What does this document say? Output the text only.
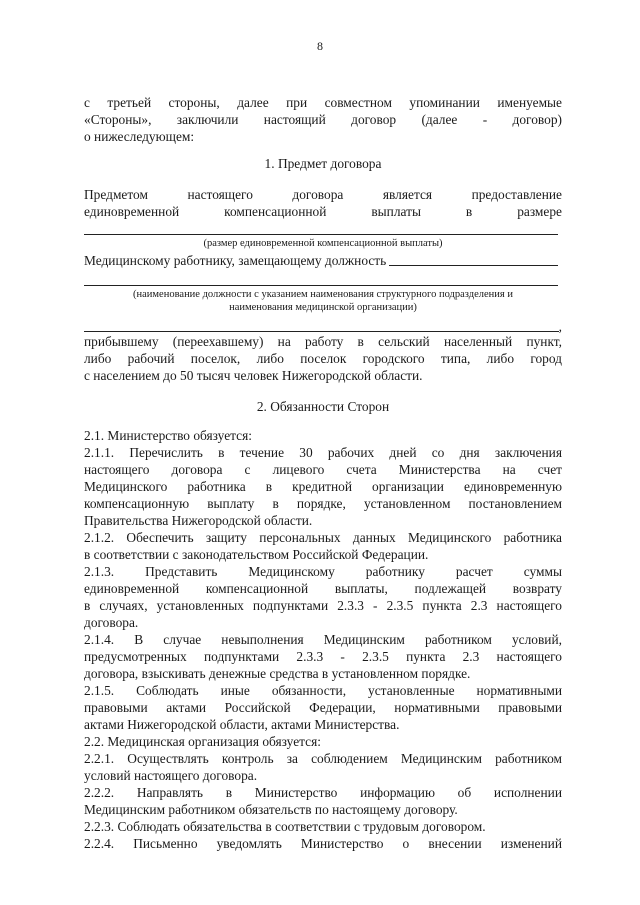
8

с третьей стороны, далее при совместном упоминании именуемые

«Стороны», заключили настоящий договор (далее - договор)

о нижеследующем:

1. Предмет договора

Предметом настоящего договора является предоставление

единовременной компенсационной выплаты в размере

(размер единовременной компенсационной выплаты)
Медицинскому работнику, замещающему должность

(наименование должности с указанием наименования структурного подразделения и

наименования медицинской организации)

,

прибывшему (переехавшему) на работу в сельский населенный пункт,

либо рабочий поселок, либо поселок городского типа, либо город

с населением до 50 тысяч человек Нижегородской области.

2. Обязанности Сторон

2.1. Министерство обязуется:

2.1.1. Перечислить в течение 30 рабочих дней со дня заключения

настоящего договора с лицевого счета Министерства на счет

Медицинского работника в кредитной организации единовременную

компенсационную выплату в порядке, установленном постановлением

Правительства Нижегородской области.

2.1.2. Обеспечить защиту персональных данных Медицинского работника

в соответствии с законодательством Российской Федерации.

2.1.3. Представить Медицинскому работнику расчет суммы

единовременной компенсационной выплаты, подлежащей возврату

в случаях, установленных подпунктами 2.3.3 - 2.3.5 пункта 2.3 настоящего

договора.

2.1.4. В случае невыполнения Медицинским работником условий,

предусмотренных подпунктами 2.3.3 - 2.3.5 пункта 2.3 настоящего

договора, взыскивать денежные средства в установленном порядке.

2.1.5. Соблюдать иные обязанности, установленные нормативными

правовыми актами Российской Федерации, нормативными правовыми

актами Нижегородской области, актами Министерства.

2.2. Медицинская организация обязуется:

2.2.1. Осуществлять контроль за соблюдением Медицинским работником

условий настоящего договора.

2.2.2. Направлять в Министерство информацию об исполнении

Медицинским работником обязательств по настоящему договору.

2.2.3. Соблюдать обязательства в соответствии с трудовым договором.

2.2.4. Письменно уведомлять Министерство о внесении изменений
